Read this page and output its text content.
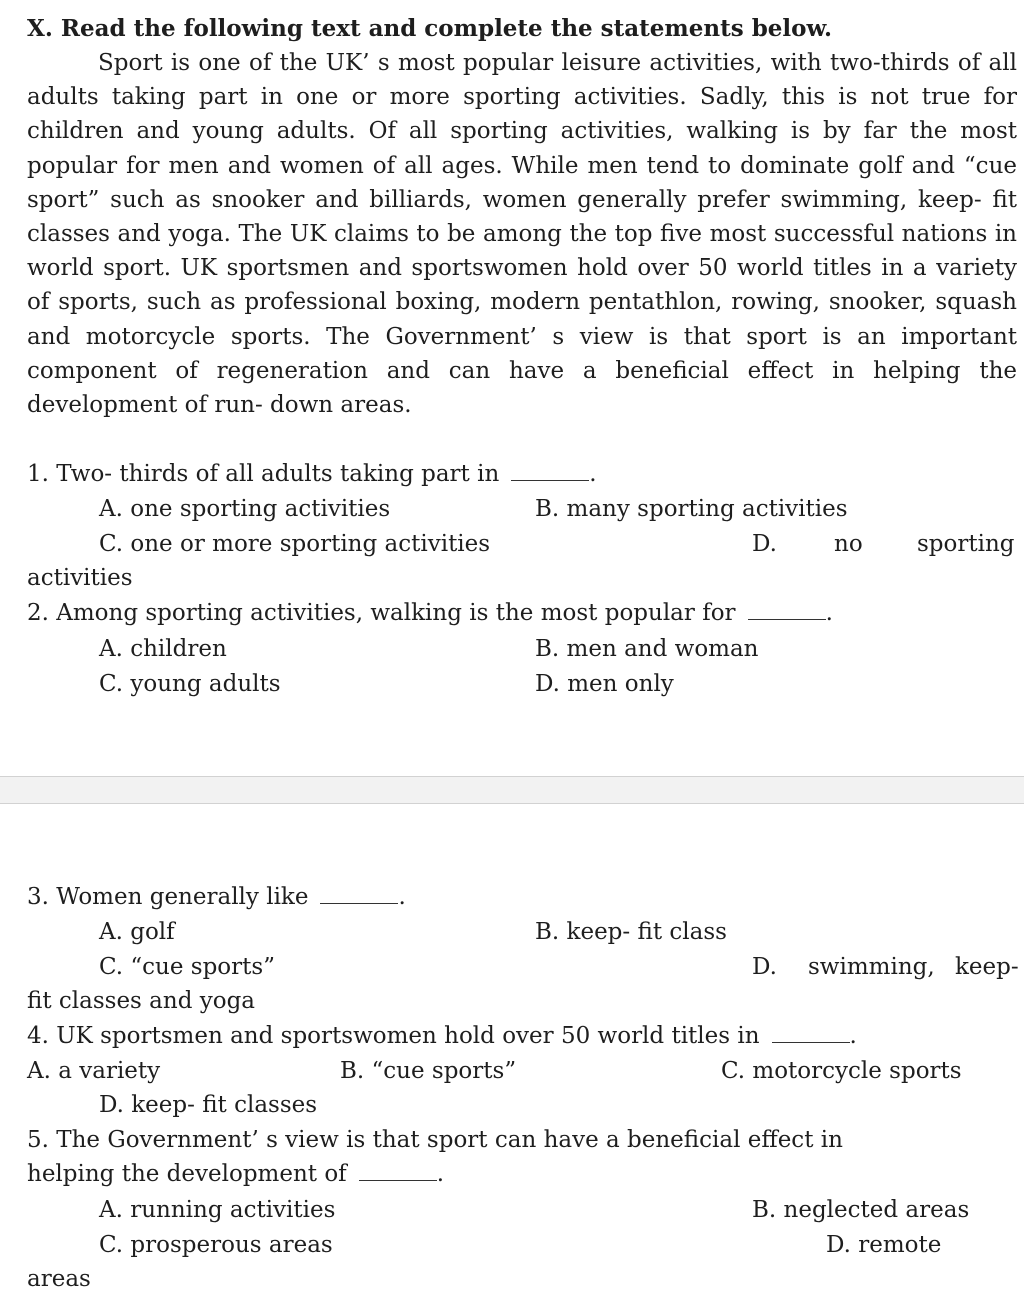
X. Read the following text and complete the statements below.
Sport is one of the UK’ s most popular leisure activities, with two-thirds of all adults taking part in one or more sporting activities. Sadly, this is not true for children and young adults. Of all sporting activities, walking is by far the most popular for men and women of all ages. While men tend to dominate golf and “cue sport” such as snooker and billiards, women generally prefer swimming, keep- fit classes and yoga. The UK claims to be among the top five most successful nations in world sport. UK sportsmen and sportswomen hold over 50 world titles in a variety of sports, such as professional boxing, modern pentathlon, rowing, snooker, squash and motorcycle sports. The Government’ s view is that sport is an important component of regeneration and can have a beneficial effect in helping the development of run- down areas.
1. Two- thirds of all adults taking part in	.
A. one sporting activities	B. many sporting activities
C. one or more sporting activities	D. no sporting
activities
2. Among sporting activities, walking is the most popular for	.
A. children	B. men and woman
C. young adults	D. men only
3. Women generally like	.
A. golf	B. keep- fit class
C. “cue sports”	D. swimming, keep-
fit classes and yoga
4. UK sportsmen and sportswomen hold over 50 world titles in	.
A. a variety	B. “cue sports”	C. motorcycle sports
D. keep- fit classes
5. The Government’ s view is that sport can have a beneficial effect in
helping the development of	.
A. running activities	B. neglected areas
C. prosperous areas	D. remote
areas
